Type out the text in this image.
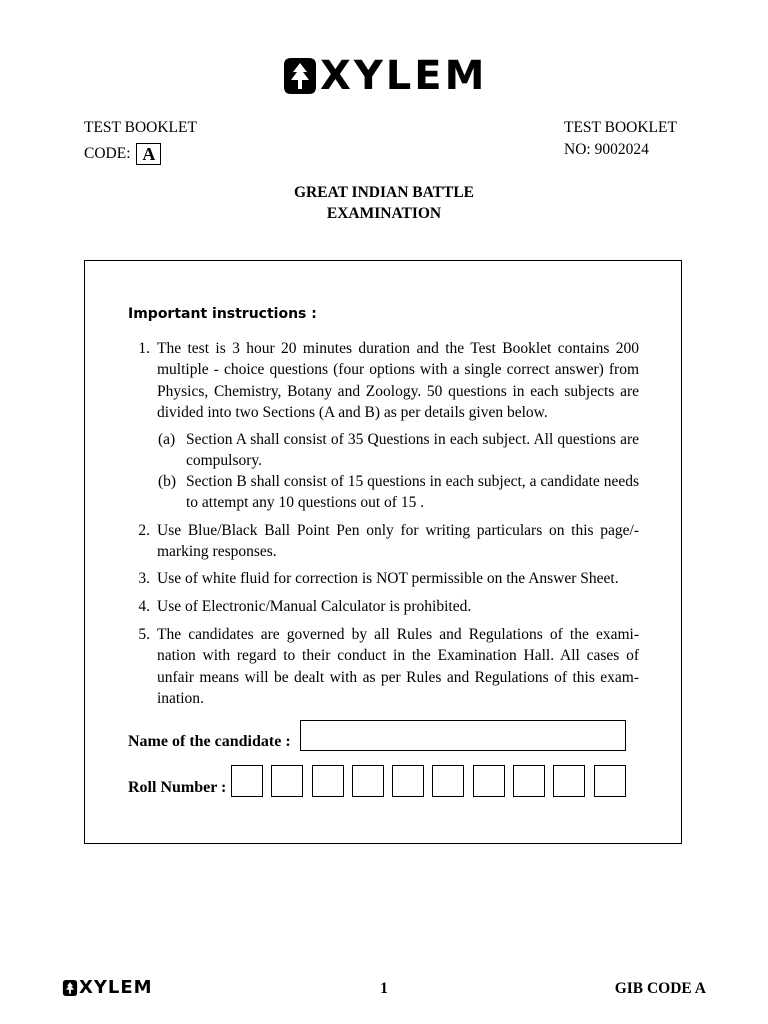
XYLEM
TEST BOOKLET
CODE: A
TEST BOOKLET
NO: 9002024
GREAT INDIAN BATTLE
EXAMINATION
Important instructions :
1. The test is 3 hour 20 minutes duration and the Test Booklet contains 200 multiple - choice questions (four options with a single correct answer) from Physics, Chemistry, Botany and Zoology. 50 questions in each subjects are divided into two Sections (A and B) as per details given below.
(a) Section A shall consist of 35 Questions in each subject. All questions are compulsory.
(b) Section B shall consist of 15 questions in each subject, a candidate needs to attempt any 10 questions out of 15 .
2. Use Blue/Black Ball Point Pen only for writing particulars on this page/-marking responses.
3. Use of white fluid for correction is NOT permissible on the Answer Sheet.
4. Use of Electronic/Manual Calculator is prohibited.
5. The candidates are governed by all Rules and Regulations of the exami-nation with regard to their conduct in the Examination Hall. All cases of unfair means will be dealt with as per Rules and Regulations of this exam-ination.
Name of the candidate :
Roll Number :
XYLEM	1	GIB CODE A
